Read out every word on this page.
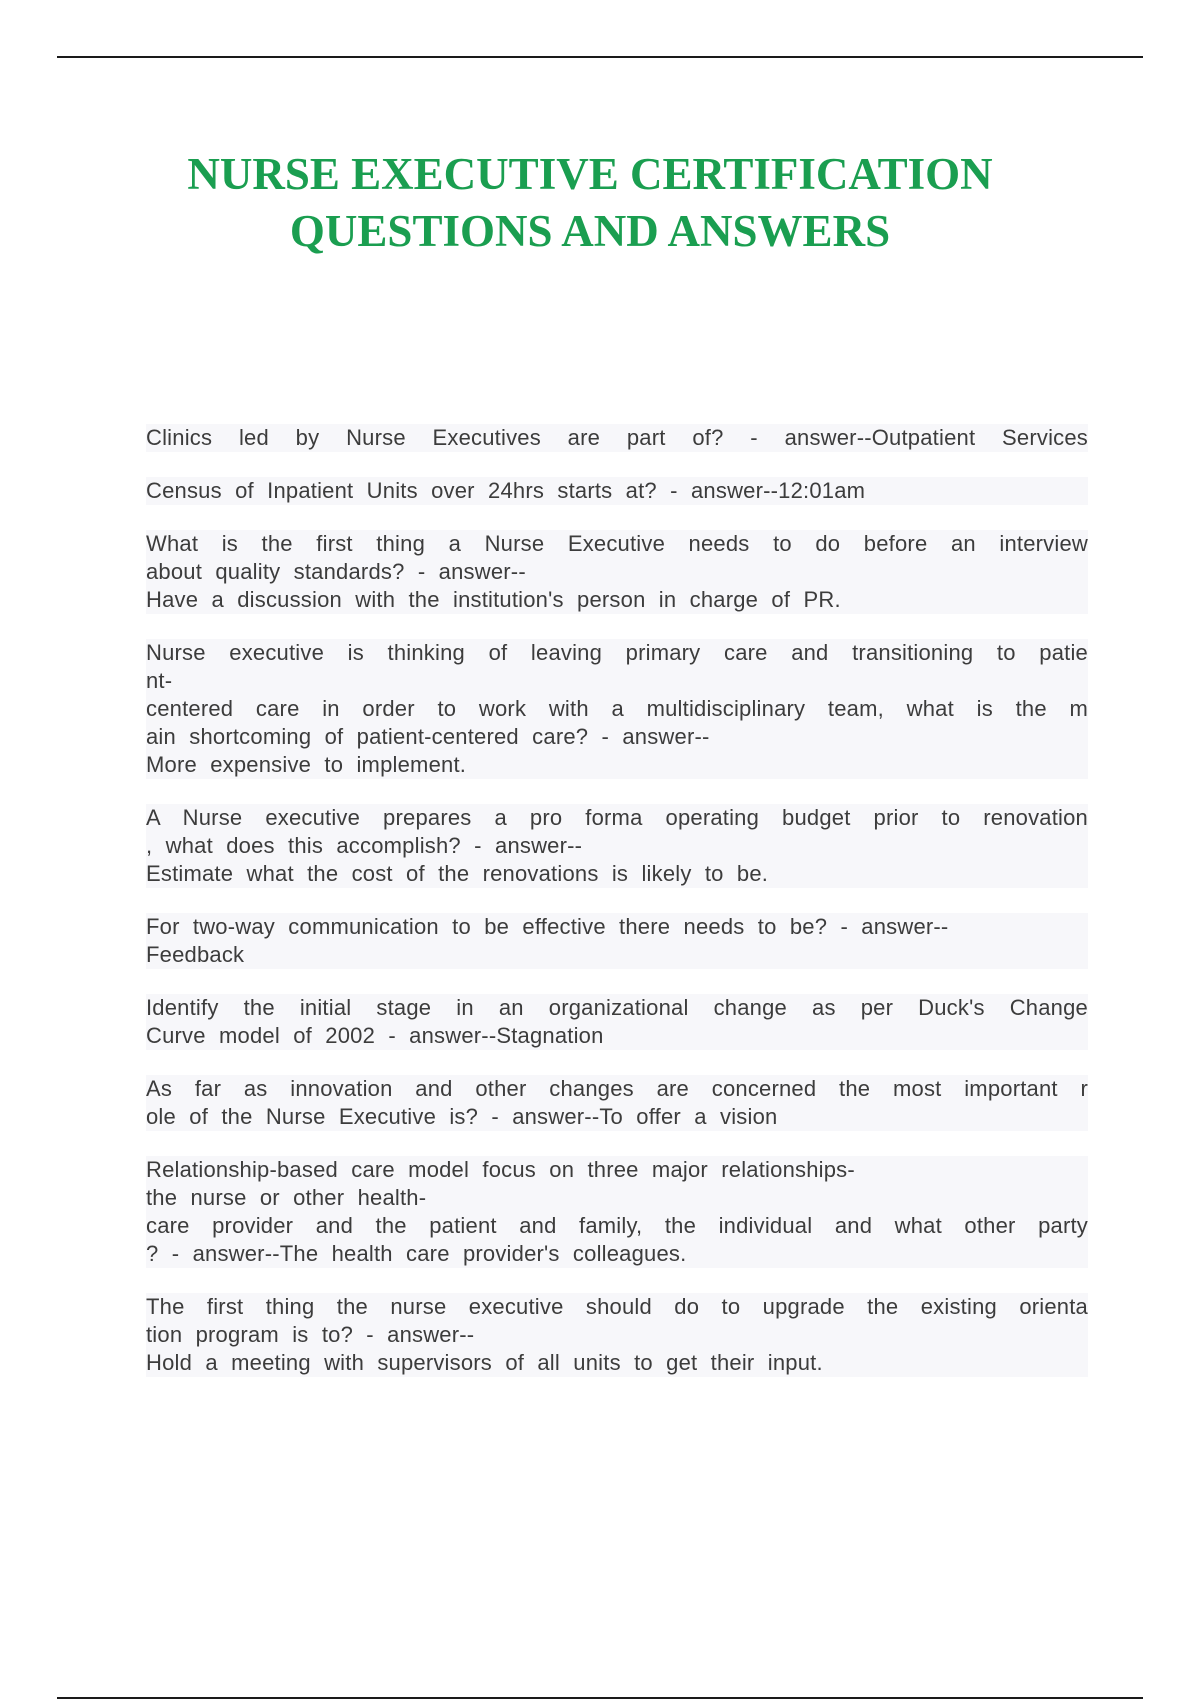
NURSE EXECUTIVE CERTIFICATION
QUESTIONS AND ANSWERS
Clinics led by Nurse Executives are part of? - answer--Outpatient Services
Census of Inpatient Units over 24hrs starts at? - answer--12:01am
What is the first thing a Nurse Executive needs to do before an interview
about quality standards? - answer--
Have a discussion with the institution's person in charge of PR.
Nurse executive is thinking of leaving primary care and transitioning to patie
nt-
centered care in order to work with a multidisciplinary team, what is the m
ain shortcoming of patient-centered care? - answer--
More expensive to implement.
A Nurse executive prepares a pro forma operating budget prior to renovation
, what does this accomplish? - answer--
Estimate what the cost of the renovations is likely to be.
For two-way communication to be effective there needs to be? - answer--
Feedback
Identify the initial stage in an organizational change as per Duck's Change
Curve model of 2002 - answer--Stagnation
As far as innovation and other changes are concerned the most important r
ole of the Nurse Executive is? - answer--To offer a vision
Relationship-based care model focus on three major relationships-
the nurse or other health-
care provider and the patient and family, the individual and what other party
? - answer--The health care provider's colleagues.
The first thing the nurse executive should do to upgrade the existing orienta
tion program is to? - answer--
Hold a meeting with supervisors of all units to get their input.
